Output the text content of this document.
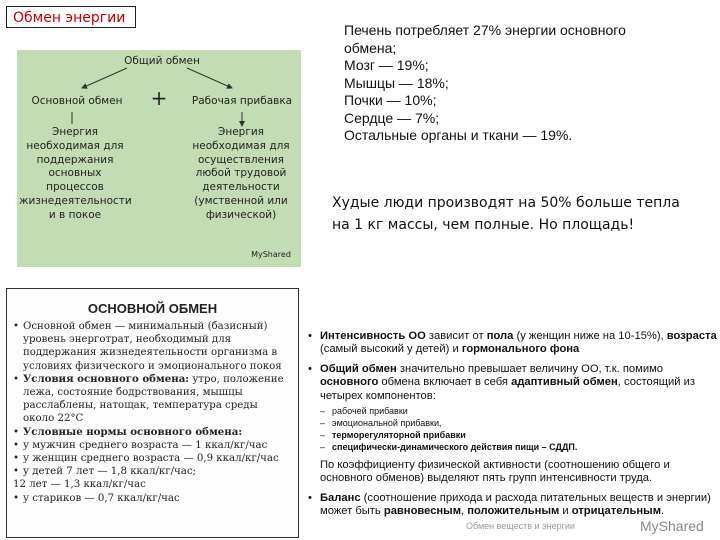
Обмен энергии
Общий обмен
Основной обмен	+	Рабочая прибавка
Энергия
необходимая для
поддержания
основных
процессов
жизнедеятельности
и в покое
Энергия
необходимая для
осуществления
любой трудовой
деятельности
(умственной или
физической)
MyShared
Печень потребляет 27% энергии основного
обмена;
Мозг — 19%;
Мышцы — 18%;
Почки — 10%;
Сердце — 7%;
Остальные органы и ткани — 19%.
Худые люди производят на 50% больше тепла на 1 кг массы, чем полные. Но площадь!
ОСНОВНОЙ ОБМЕН
• Основной обмен — минимальный (базисный) уровень энерготрат, необходимый для поддержания жизнедеятельности организма в условиях физического и эмоционального покоя
• Условия основного обмена: утро, положение лежа, состояние бодрствования, мышцы расслаблены, натощак, температура среды около 22°С
• Условные нормы основного обмена:
• у мужчин среднего возраста — 1 ккал/кг/час
• у женщин среднего возраста — 0,9 ккал/кг/час
• у детей 7 лет — 1,8 ккал/кг/час;
12 лет — 1,3 ккал/кг/час
• у стариков — 0,7 ккал/кг/час
• Интенсивность ОО зависит от пола (у женщин ниже на 10-15%), возраста (самый высокий у детей) и гормонального фона
• Общий обмен значительно превышает величину ОО, т.к. помимо основного обмена включает в себя адаптивный обмен, состоящий из четырех компонентов:
– рабочей прибавки
– эмоциональной прибавки,
– терморегуляторной прибавки
– специфически-динамического действия пищи – СДДП.
По коэффициенту физической активности (соотношению общего и основного обменов) выделяют пять групп интенсивности труда.
• Баланс (соотношение прихода и расхода питательных веществ и энергии) может быть равновесным, положительным и отрицательным.
Обмен веществ и энергии	MyShared
